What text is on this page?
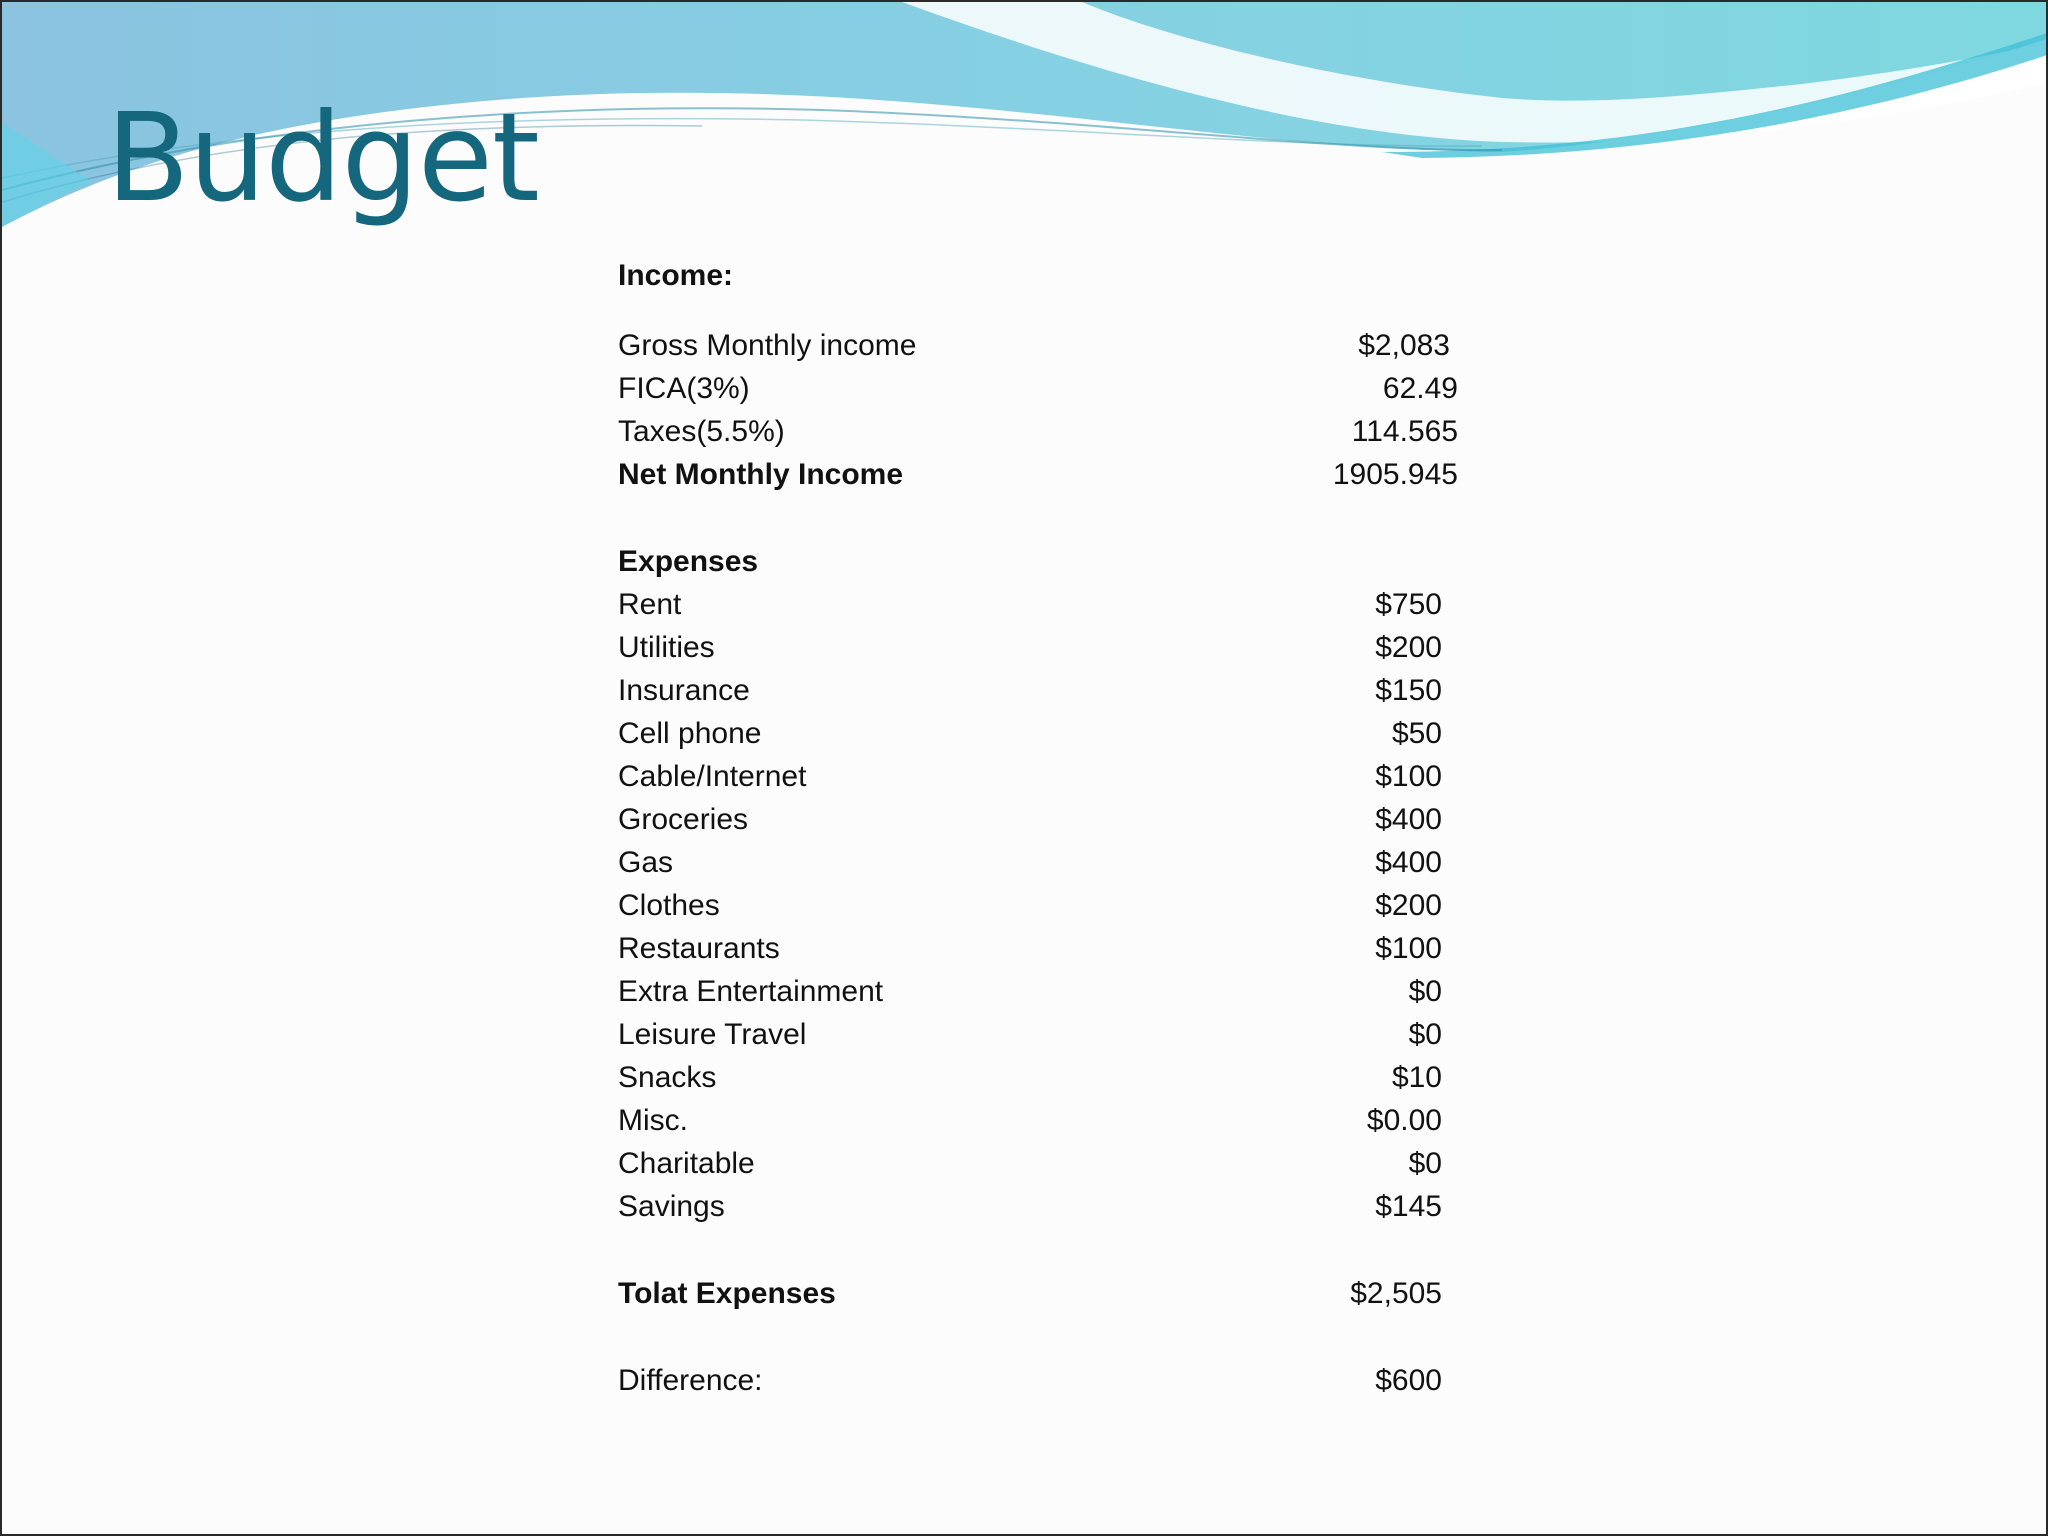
Budget
Income:
Gross Monthly income	$2,083
FICA(3%)	62.49
Taxes(5.5%)	114.565
Net Monthly Income	1905.945
Expenses
Rent	$750
Utilities	$200
Insurance	$150
Cell phone	$50
Cable/Internet	$100
Groceries	$400
Gas	$400
Clothes	$200
Restaurants	$100
Extra Entertainment	$0
Leisure Travel	$0
Snacks	$10
Misc.	$0.00
Charitable	$0
Savings	$145
Tolat Expenses	$2,505
Difference:	$600
